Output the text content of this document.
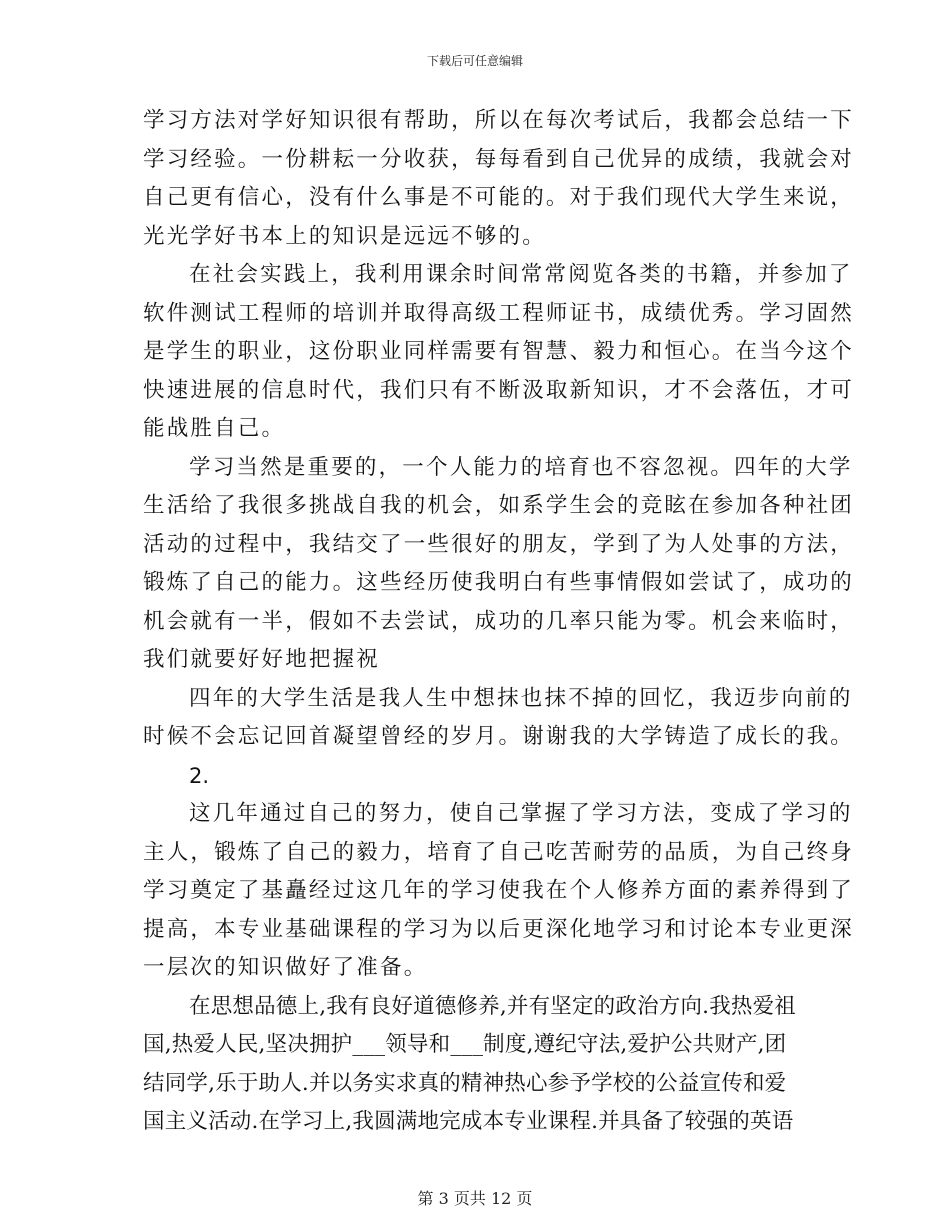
下载后可任意编辑

学习方法对学好知识很有帮助，所以在每次考试后，我都会总结一下
学习经验。一份耕耘一分收获，每每看到自己优异的成绩，我就会对
自己更有信心，没有什么事是不可能的。对于我们现代大学生来说，
光光学好书本上的知识是远远不够的。

在社会实践上，我利用课余时间常常阅览各类的书籍，并参加了
软件测试工程师的培训并取得高级工程师证书，成绩优秀。学习固然
是学生的职业，这份职业同样需要有智慧、毅力和恒心。在当今这个
快速进展的信息时代，我们只有不断汲取新知识，才不会落伍，才可
能战胜自己。

学习当然是重要的，一个人能力的培育也不容忽视。四年的大学
生活给了我很多挑战自我的机会，如系学生会的竞眩在参加各种社团
活动的过程中，我结交了一些很好的朋友，学到了为人处事的方法，
锻炼了自己的能力。这些经历使我明白有些事情假如尝试了，成功的
机会就有一半，假如不去尝试，成功的几率只能为零。机会来临时，
我们就要好好地把握祝

四年的大学生活是我人生中想抹也抹不掉的回忆，我迈步向前的
时候不会忘记回首凝望曾经的岁月。谢谢我的大学铸造了成长的我。

2.

这几年通过自己的努力，使自己掌握了学习方法，变成了学习的
主人，锻炼了自己的毅力，培育了自己吃苦耐劳的品质，为自己终身
学习奠定了基矗经过这几年的学习使我在个人修养方面的素养得到了
提高，本专业基础课程的学习为以后更深化地学习和讨论本专业更深
一层次的知识做好了准备。

在思想品德上,我有良好道德修养,并有坚定的政治方向.我热爱祖
国,热爱人民,坚决拥护___领导和___制度,遵纪守法,爱护公共财产,团
结同学,乐于助人.并以务实求真的精神热心参予学校的公益宣传和爱
国主义活动.在学习上,我圆满地完成本专业课程.并具备了较强的英语

第 3 页共 12 页
